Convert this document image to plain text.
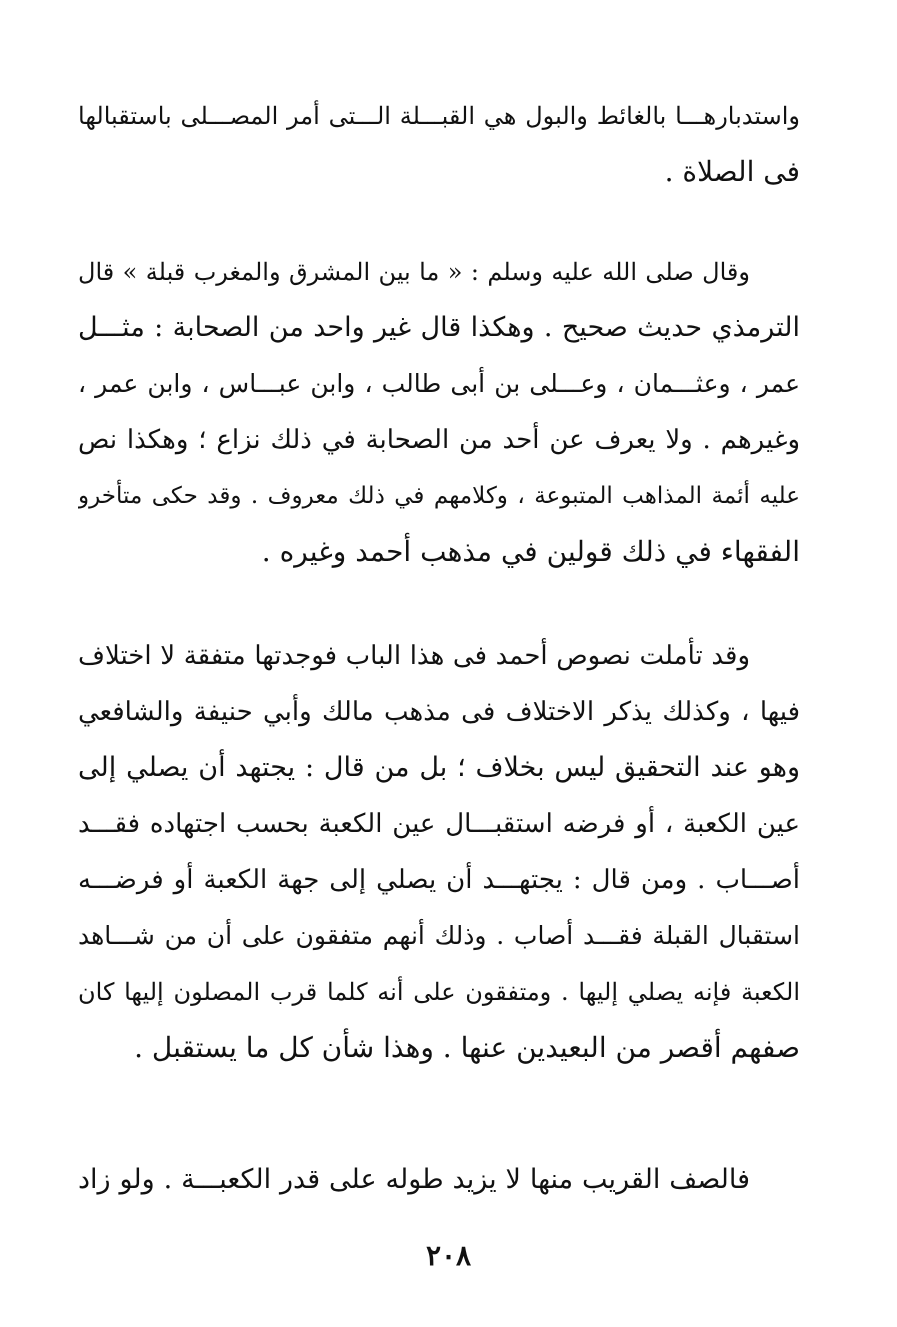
واستدبارهـــا بالغائط والبول هي القبـــلة الـــتى أمر المصـــلى باستقبالها
فى الصلاة .
وقال صلى الله عليه وسلم : « ما بين المشرق والمغرب قبلة » قال
الترمذي حديث صحيح . وهكذا قال غير واحد من الصحابة : مثـــل
عمر ، وعثـــمان ، وعـــلى بن أبى طالب ، وابن عبـــاس ، وابن عمر ،
وغيرهم . ولا يعرف عن أحد من الصحابة في ذلك نزاع ؛ وهكذا نص
عليه أئمة المذاهب المتبوعة ، وكلامهم في ذلك معروف . وقد حكى متأخرو
الفقهاء في ذلك قولين في مذهب أحمد وغيره .
وقد تأملت نصوص أحمد فى هذا الباب فوجدتها متفقة لا اختلاف
فيها ، وكذلك يذكر الاختلاف فى مذهب مالك وأبي حنيفة والشافعي
وهو عند التحقيق ليس بخلاف ؛ بل من قال : يجتهد أن يصلي إلى
عين الكعبة ، أو فرضه استقبـــال عين الكعبة بحسب اجتهاده فقـــد
أصـــاب . ومن قال : يجتهـــد أن يصلي إلى جهة الكعبة أو فرضـــه
استقبال القبلة فقـــد أصاب . وذلك أنهم متفقون على أن من شـــاهد
الكعبة فإنه يصلي إليها . ومتفقون على أنه كلما قرب المصلون إليها كان
صفهم أقصر من البعيدين عنها . وهذا شأن كل ما يستقبل .
فالصف القريب منها لا يزيد طوله على قدر الكعبـــة . ولو زاد
٢٠٨
